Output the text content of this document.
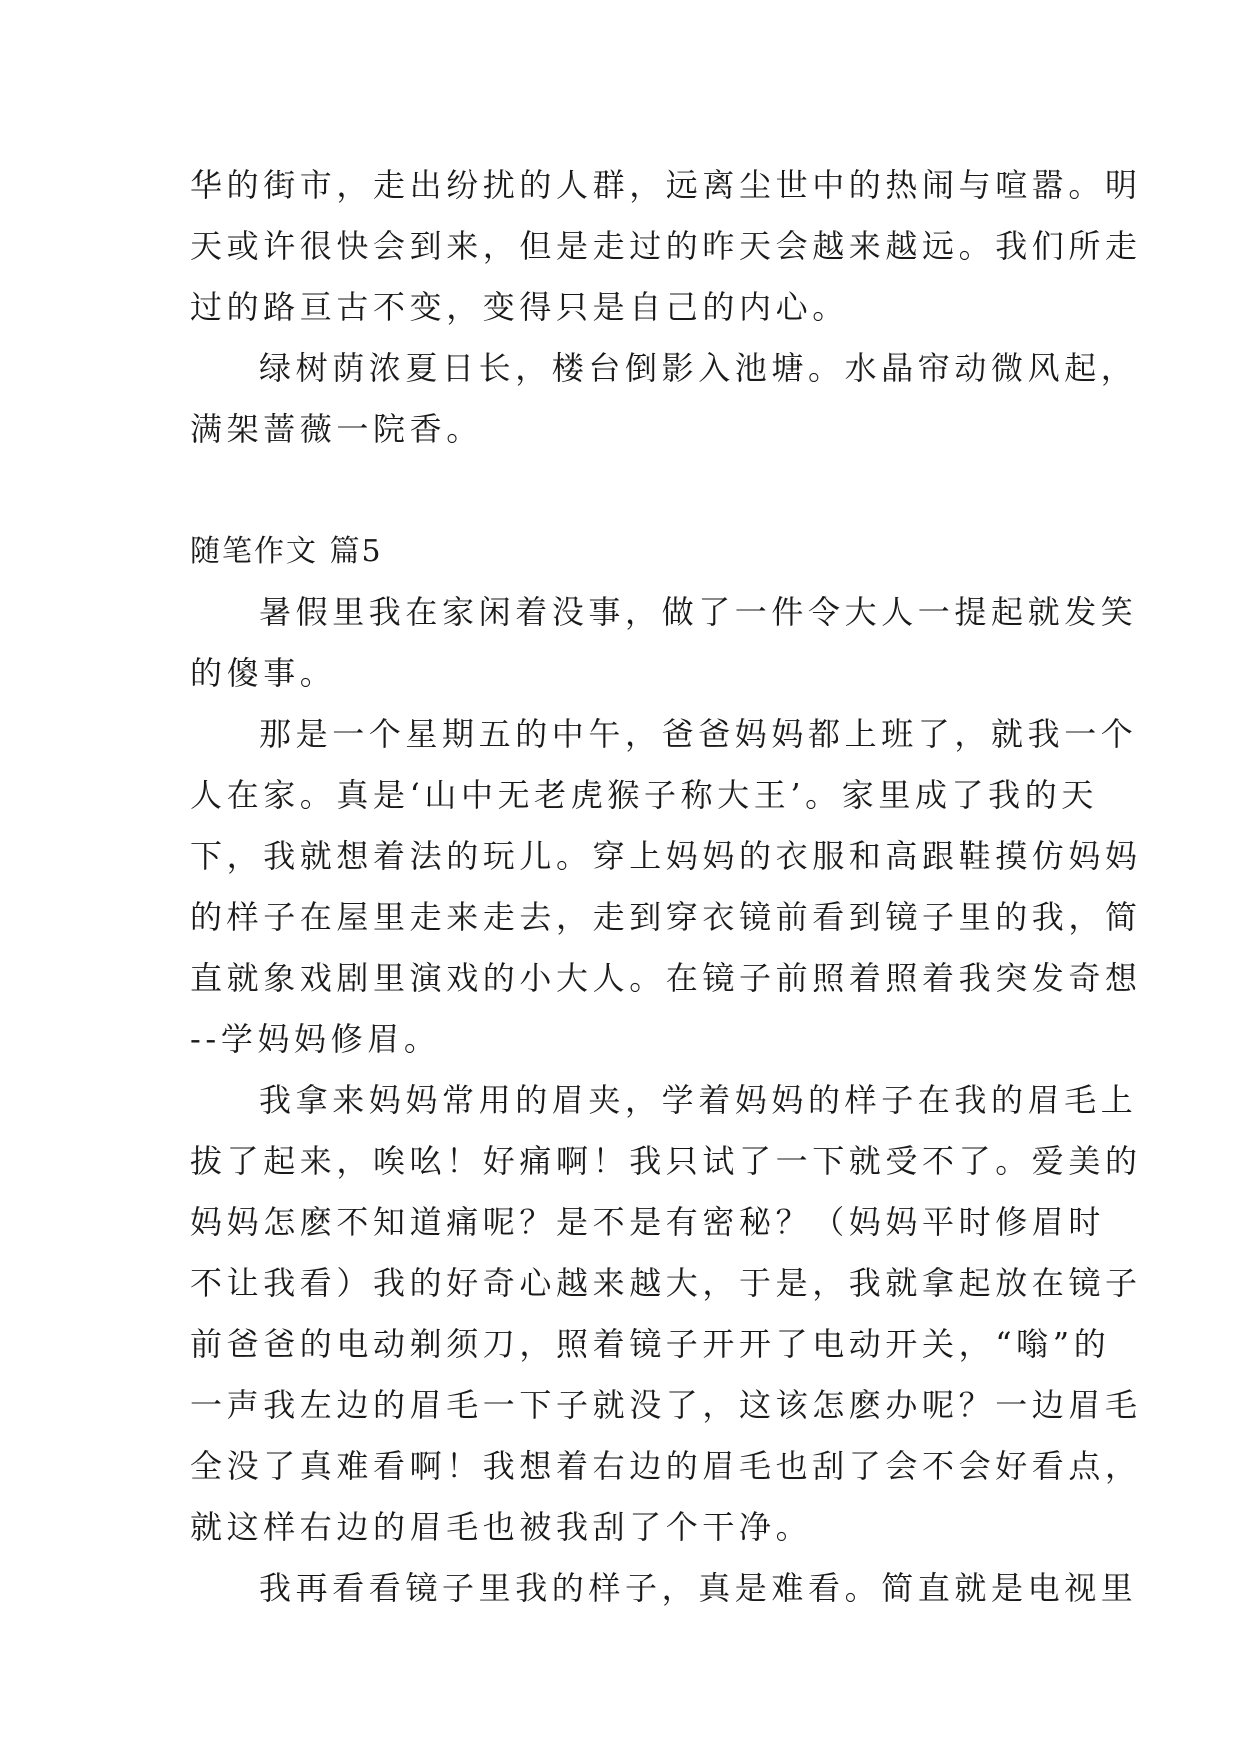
华的街市，走出纷扰的人群，远离尘世中的热闹与喧嚣。明
天或许很快会到来，但是走过的昨天会越来越远。我们所走
过的路亘古不变，变得只是自己的内心。
绿树荫浓夏日长，楼台倒影入池塘。水晶帘动微风起，
满架蔷薇一院香。
随笔作文 篇5
暑假里我在家闲着没事，做了一件令大人一提起就发笑
的傻事。
那是一个星期五的中午，爸爸妈妈都上班了，就我一个
人在家。真是‘山中无老虎猴子称大王’。家里成了我的天
下，我就想着法的玩儿。穿上妈妈的衣服和高跟鞋摸仿妈妈
的样子在屋里走来走去，走到穿衣镜前看到镜子里的我，简
直就象戏剧里演戏的小大人。在镜子前照着照着我突发奇想
--学妈妈修眉。
我拿来妈妈常用的眉夹，学着妈妈的样子在我的眉毛上
拔了起来，唉吆！好痛啊！我只试了一下就受不了。爱美的
妈妈怎麽不知道痛呢？是不是有密秘？（妈妈平时修眉时
不让我看）我的好奇心越来越大，于是，我就拿起放在镜子
前爸爸的电动剃须刀，照着镜子开开了电动开关，“嗡”的
一声我左边的眉毛一下子就没了，这该怎麽办呢？一边眉毛
全没了真难看啊！我想着右边的眉毛也刮了会不会好看点，
就这样右边的眉毛也被我刮了个干净。
我再看看镜子里我的样子，真是难看。简直就是电视里
